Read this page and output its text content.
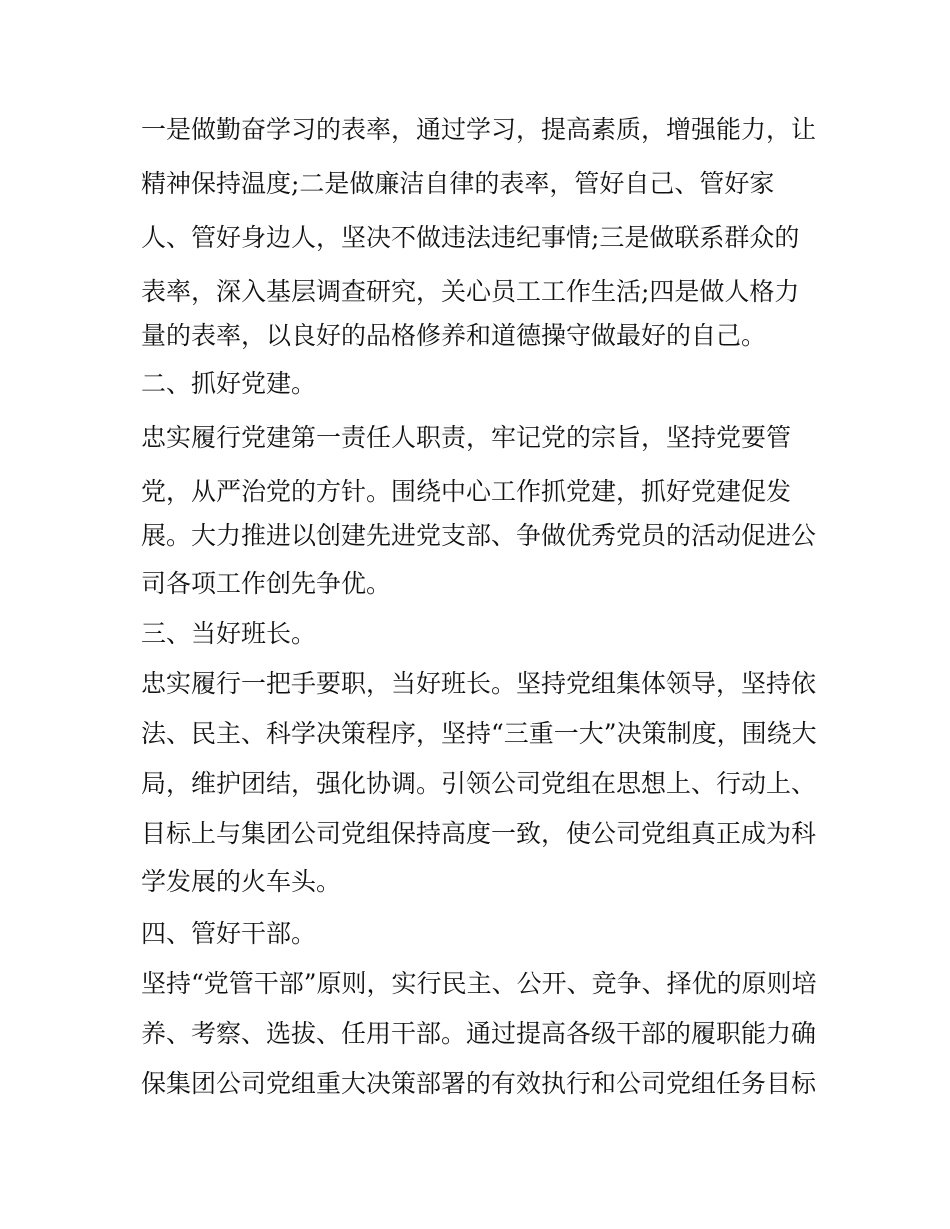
一是做勤奋学习的表率，通过学习，提高素质，增强能力，让
精神保持温度;二是做廉洁自律的表率，管好自己、管好家
人、管好身边人，坚决不做违法违纪事情;三是做联系群众的
表率，深入基层调查研究，关心员工工作生活;四是做人格力
量的表率，以良好的品格修养和道德操守做最好的自己。
二、抓好党建。
忠实履行党建第一责任人职责，牢记党的宗旨，坚持党要管
党，从严治党的方针。围绕中心工作抓党建，抓好党建促发
展。大力推进以创建先进党支部、争做优秀党员的活动促进公
司各项工作创先争优。
三、当好班长。
忠实履行一把手要职，当好班长。坚持党组集体领导，坚持依
法、民主、科学决策程序，坚持“三重一大”决策制度，围绕大
局，维护团结，强化协调。引领公司党组在思想上、行动上、
目标上与集团公司党组保持高度一致，使公司党组真正成为科
学发展的火车头。
四、管好干部。
坚持“党管干部”原则，实行民主、公开、竞争、择优的原则培
养、考察、选拔、任用干部。通过提高各级干部的履职能力确
保集团公司党组重大决策部署的有效执行和公司党组任务目标
